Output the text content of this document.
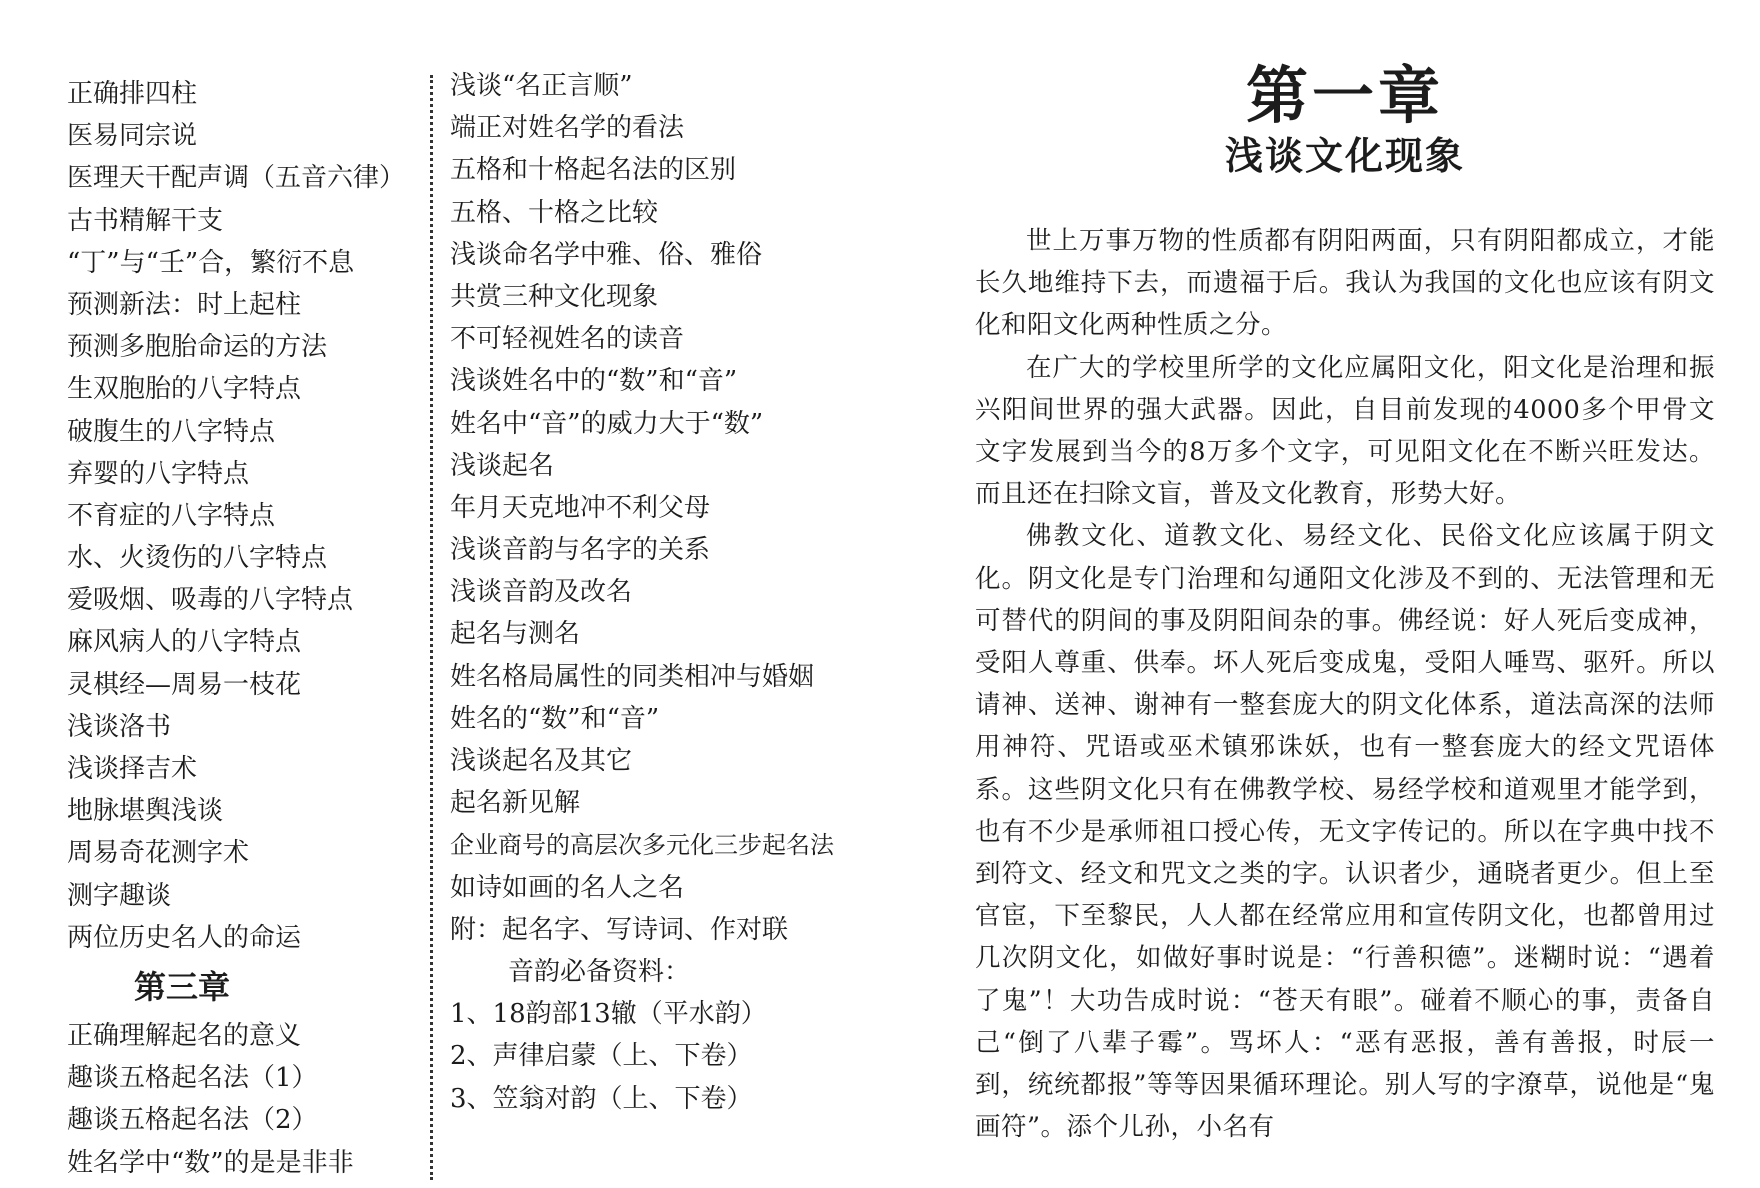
正确排四柱
医易同宗说
医理天干配声调（五音六律）
古书精解干支
“丁”与“壬”合，繁衍不息
预测新法：时上起柱
预测多胞胎命运的方法
生双胞胎的八字特点
破腹生的八字特点
弃婴的八字特点
不育症的八字特点
水、火烫伤的八字特点
爱吸烟、吸毒的八字特点
麻风病人的八字特点
灵棋经—周易一枝花
浅谈洛书
浅谈择吉术
地脉堪舆浅谈
周易奇花测字术
测字趣谈
两位历史名人的命运
第三章
正确理解起名的意义
趣谈五格起名法（1）
趣谈五格起名法（2）
姓名学中“数”的是是非非
浅谈“名正言顺”
端正对姓名学的看法
五格和十格起名法的区别
五格、十格之比较
浅谈命名学中雅、俗、雅俗
共赏三种文化现象
不可轻视姓名的读音
浅谈姓名中的“数”和“音”
姓名中“音”的威力大于“数”
浅谈起名
年月天克地冲不利父母
浅谈音韵与名字的关系
浅谈音韵及改名
起名与测名
姓名格局属性的同类相冲与婚姻
姓名的“数”和“音”
浅谈起名及其它
起名新见解
企业商号的高层次多元化三步起名法
如诗如画的名人之名
附：起名字、写诗词、作对联
音韵必备资料：
1、18韵部13辙（平水韵）
2、声律启蒙（上、下卷）
3、笠翁对韵（上、下卷）
第一章
浅谈文化现象

世上万事万物的性质都有阴阳两面，只有阴阳都成立，才能长久地维持下去，而遗福于后。我认为我国的文化也应该有阴文化和阳文化两种性质之分。

在广大的学校里所学的文化应属阳文化，阳文化是治理和振兴阳间世界的强大武器。因此，自目前发现的4000多个甲骨文文字发展到当今的8万多个文字，可见阳文化在不断兴旺发达。而且还在扫除文盲，普及文化教育，形势大好。

佛教文化、道教文化、易经文化、民俗文化应该属于阴文化。阴文化是专门治理和勾通阳文化涉及不到的、无法管理和无可替代的阴间的事及阴阳间杂的事。佛经说：好人死后变成神，受阳人尊重、供奉。坏人死后变成鬼，受阳人唾骂、驱歼。所以请神、送神、谢神有一整套庞大的阴文化体系，道法高深的法师用神符、咒语或巫术镇邪诛妖，也有一整套庞大的经文咒语体系。这些阴文化只有在佛教学校、易经学校和道观里才能学到，也有不少是承师祖口授心传，无文字传记的。所以在字典中找不到符文、经文和咒文之类的字。认识者少，通晓者更少。但上至官宦，下至黎民，人人都在经常应用和宣传阴文化，也都曾用过几次阴文化，如做好事时说是：“行善积德”。迷糊时说：“遇着了鬼”！大功告成时说：“苍天有眼”。碰着不顺心的事，责备自己“倒了八辈子霉”。骂坏人：“恶有恶报，善有善报，时辰一到，统统都报”等等因果循环理论。别人写的字潦草，说他是“鬼画符”。添个儿孙，小名有
